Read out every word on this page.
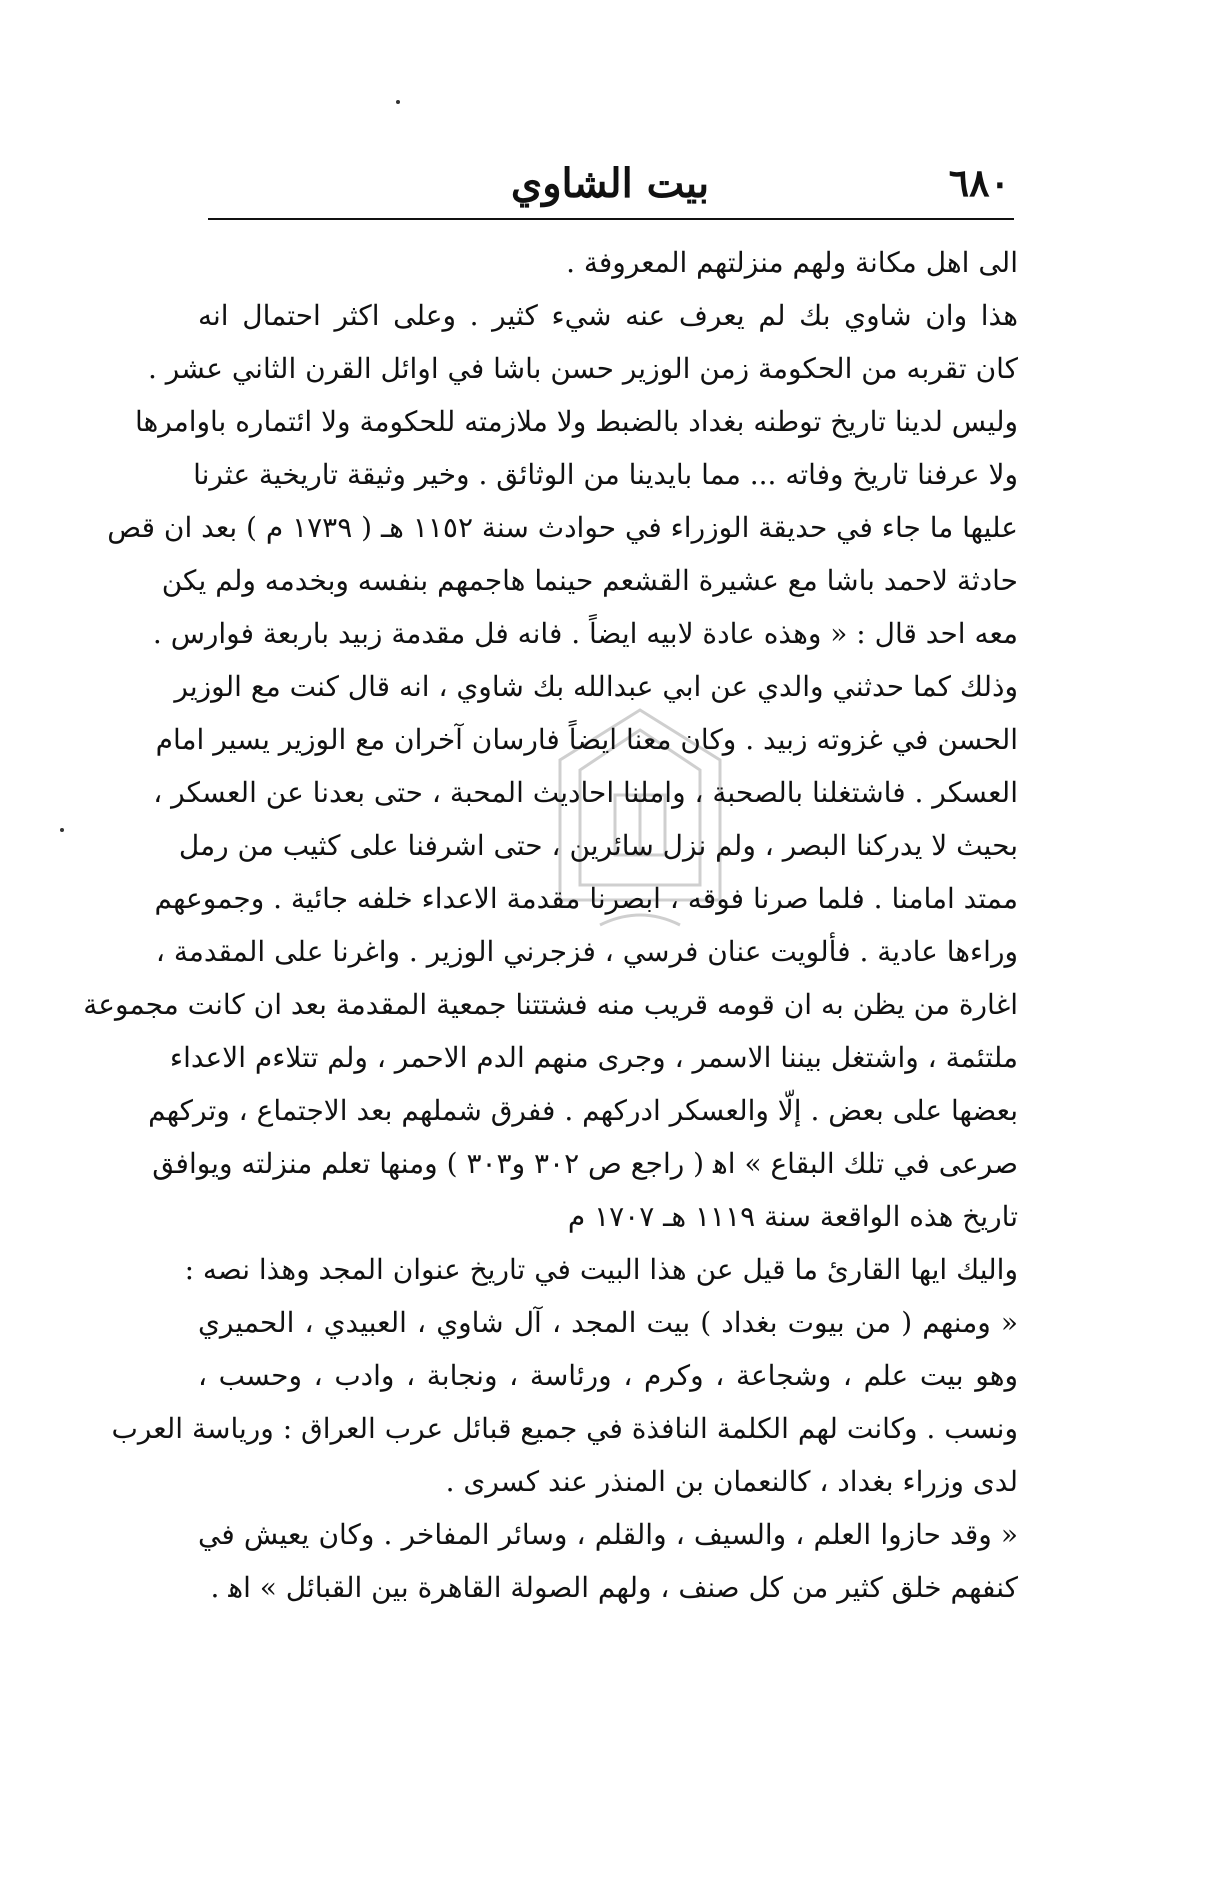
٦٨٠
بيت الشاوي
الى اهل مكانة ولهم منزلتهم المعروفة .
هذا وان شاوي بك لم يعرف عنه شيء كثير . وعلى اكثر احتمال انه
كان تقربه من الحكومة زمن الوزير حسن باشا في اوائل القرن الثاني عشر .
وليس لدينا تاريخ توطنه بغداد بالضبط ولا ملازمته للحكومة ولا ائتماره باوامرها
ولا عرفنا تاريخ وفاته ... مما بايدينا من الوثائق . وخير وثيقة تاريخية عثرنا
عليها ما جاء في حديقة الوزراء في حوادث سنة ١١٥٢ هـ ( ١٧٣٩ م ) بعد ان قص
حادثة لاحمد باشا مع عشيرة القشعم حينما هاجمهم بنفسه وبخدمه ولم يكن
معه احد قال : « وهذه عادة لابيه ايضاً . فانه فل مقدمة زبيد باربعة فوارس .
وذلك كما حدثني والدي عن ابي عبدالله بك شاوي ، انه قال كنت مع الوزير
الحسن في غزوته زبيد . وكان معنا ايضاً فارسان آخران مع الوزير يسير امام
العسكر . فاشتغلنا بالصحبة ، واملنا احاديث المحبة ، حتى بعدنا عن العسكر ،
بحيث لا يدركنا البصر ، ولم نزل سائرين ، حتى اشرفنا على كثيب من رمل
ممتد امامنا . فلما صرنا فوقه ، ابصرنا مقدمة الاعداء خلفه جائية . وجموعهم
وراءها عادية . فألويت عنان فرسي ، فزجرني الوزير . واغرنا على المقدمة ،
اغارة من يظن به ان قومه قريب منه فشتتنا جمعية المقدمة بعد ان كانت مجموعة
ملتئمة ، واشتغل بيننا الاسمر ، وجرى منهم الدم الاحمر ، ولم تتلاءم الاعداء
بعضها على بعض . إلّا والعسكر ادركهم . ففرق شملهم بعد الاجتماع ، وتركهم
صرعى في تلك البقاع » اﻫ ( راجع ص ٣٠٢ و٣٠٣ ) ومنها تعلم منزلته ويوافق
تاريخ هذه الواقعة سنة ١١١٩ هـ ١٧٠٧ م
واليك ايها القارئ ما قيل عن هذا البيت في تاريخ عنوان المجد وهذا نصه :
« ومنهم ( من بيوت بغداد ) بيت المجد ، آل شاوي ، العبيدي ، الحميري
وهو بيت علم ، وشجاعة ، وكرم ، ورئاسة ، ونجابة ، وادب ، وحسب ،
ونسب . وكانت لهم الكلمة النافذة في جميع قبائل عرب العراق : ورياسة العرب
لدى وزراء بغداد ، كالنعمان بن المنذر عند كسرى .
« وقد حازوا العلم ، والسيف ، والقلم ، وسائر المفاخر . وكان يعيش في
كنفهم خلق كثير من كل صنف ، ولهم الصولة القاهرة بين القبائل » اﻫ .
